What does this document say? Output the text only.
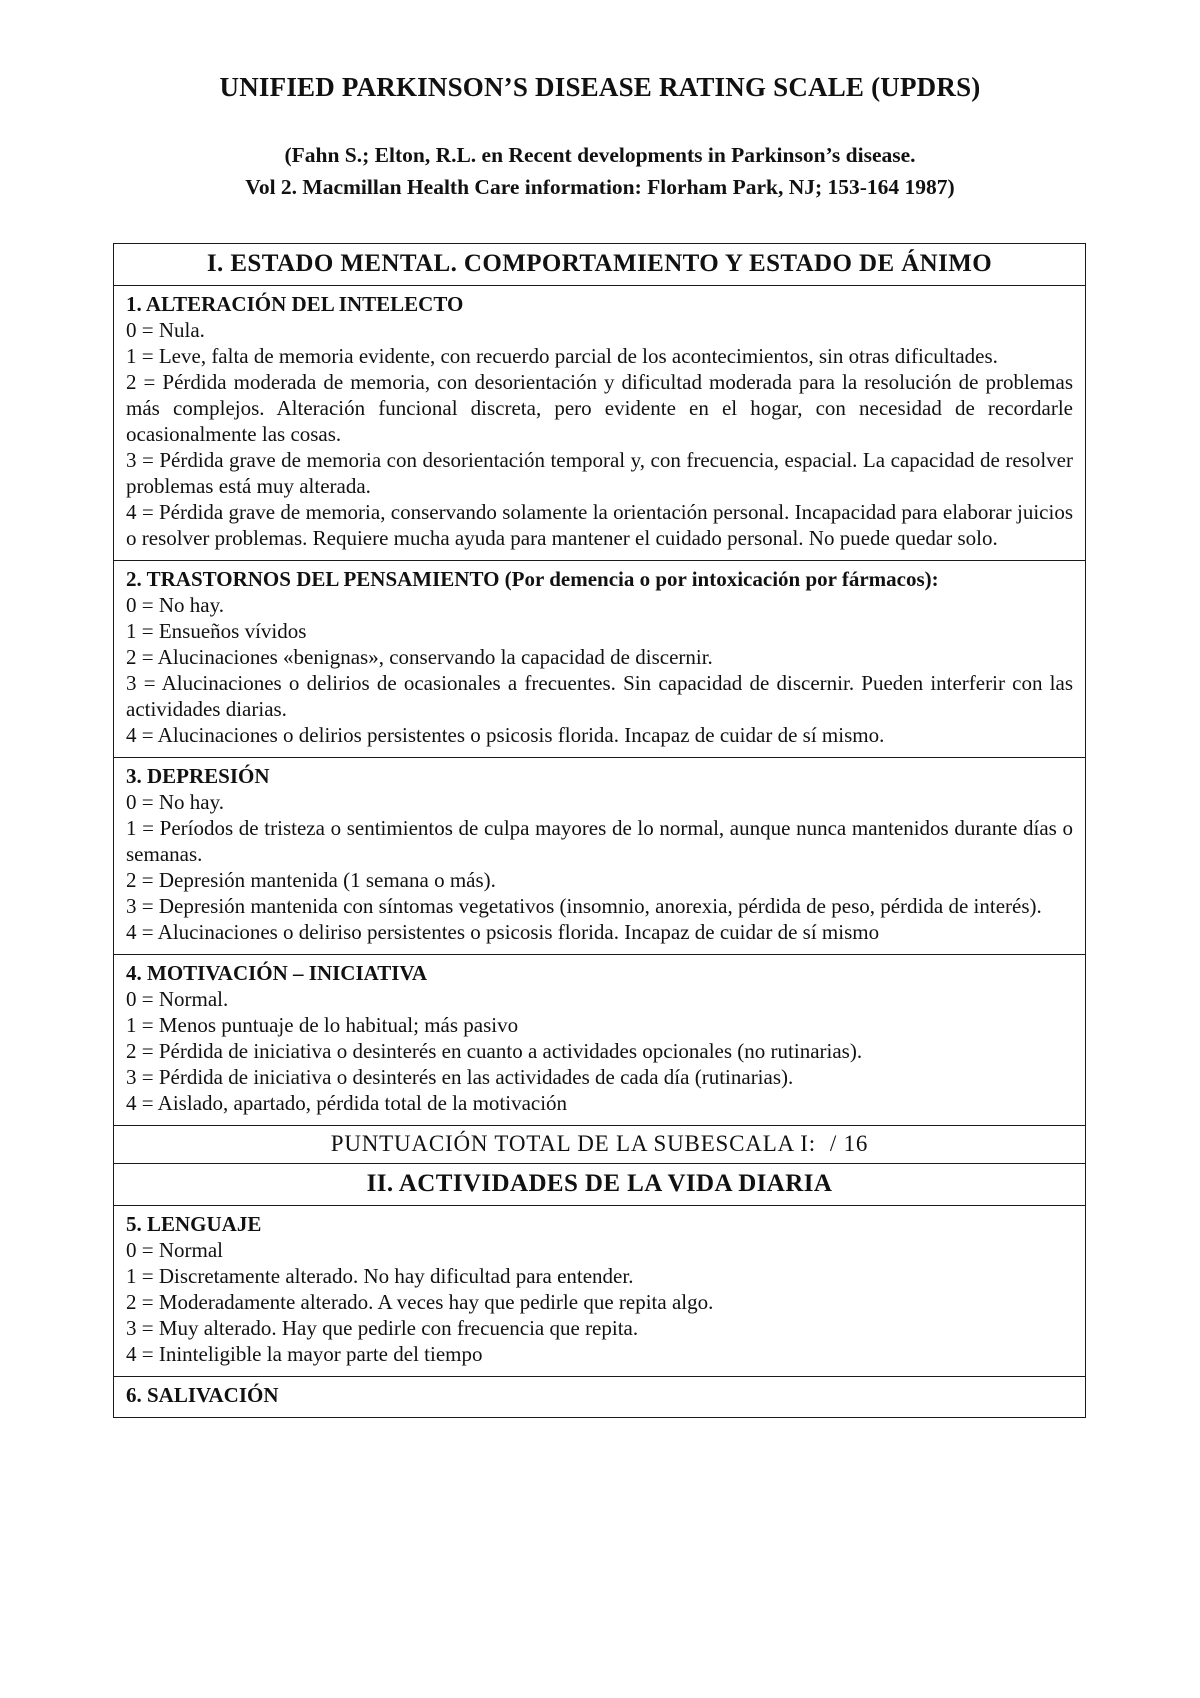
UNIFIED PARKINSON’S DISEASE RATING SCALE (UPDRS)
(Fahn S.; Elton, R.L. en Recent developments in Parkinson’s disease.
Vol 2. Macmillan Health Care information: Florham Park, NJ; 153-164 1987)
I. ESTADO MENTAL. COMPORTAMIENTO Y ESTADO DE ÁNIMO
1. ALTERACIÓN DEL INTELECTO
0 = Nula.
1 = Leve, falta de memoria evidente, con recuerdo parcial de los acontecimientos, sin otras dificultades.
2 = Pérdida moderada de memoria, con desorientación y dificultad moderada para la resolución de problemas más complejos. Alteración funcional discreta, pero evidente en el hogar, con necesidad de recordarle ocasionalmente las cosas.
3 = Pérdida grave de memoria con desorientación temporal y, con frecuencia, espacial. La capacidad de resolver problemas está muy alterada.
4 = Pérdida grave de memoria, conservando solamente la orientación personal. Incapacidad para elaborar juicios o resolver problemas. Requiere mucha ayuda para mantener el cuidado personal. No puede quedar solo.
2. TRASTORNOS DEL PENSAMIENTO (Por demencia o por intoxicación por fármacos):
0 = No hay.
1 = Ensueños vívidos
2 = Alucinaciones «benignas», conservando la capacidad de discernir.
3 = Alucinaciones o delirios de ocasionales a frecuentes. Sin capacidad de discernir. Pueden interferir con las actividades diarias.
4 = Alucinaciones o delirios persistentes o psicosis florida. Incapaz de cuidar de sí mismo.
3. DEPRESIÓN
0 = No hay.
1 = Períodos de tristeza o sentimientos de culpa mayores de lo normal, aunque nunca mantenidos durante días o semanas.
2 = Depresión mantenida (1 semana o más).
3 = Depresión mantenida con síntomas vegetativos (insomnio, anorexia, pérdida de peso, pérdida de interés).
4 = Alucinaciones o deliriso persistentes o psicosis florida. Incapaz de cuidar de sí mismo
4. MOTIVACIÓN – INICIATIVA
0 = Normal.
1 = Menos puntuaje de lo habitual; más pasivo
2 = Pérdida de iniciativa o desinterés en cuanto a actividades opcionales (no rutinarias).
3 = Pérdida de iniciativa o desinterés en las actividades de cada día (rutinarias).
4 = Aislado, apartado, pérdida total de la motivación
PUNTUACIÓN TOTAL DE LA SUBESCALA I: / 16
II. ACTIVIDADES DE LA VIDA DIARIA
5. LENGUAJE
0 = Normal
1 = Discretamente alterado. No hay dificultad para entender.
2 = Moderadamente alterado. A veces hay que pedirle que repita algo.
3 = Muy alterado. Hay que pedirle con frecuencia que repita.
4 = Ininteligible la mayor parte del tiempo
6. SALIVACIÓN
